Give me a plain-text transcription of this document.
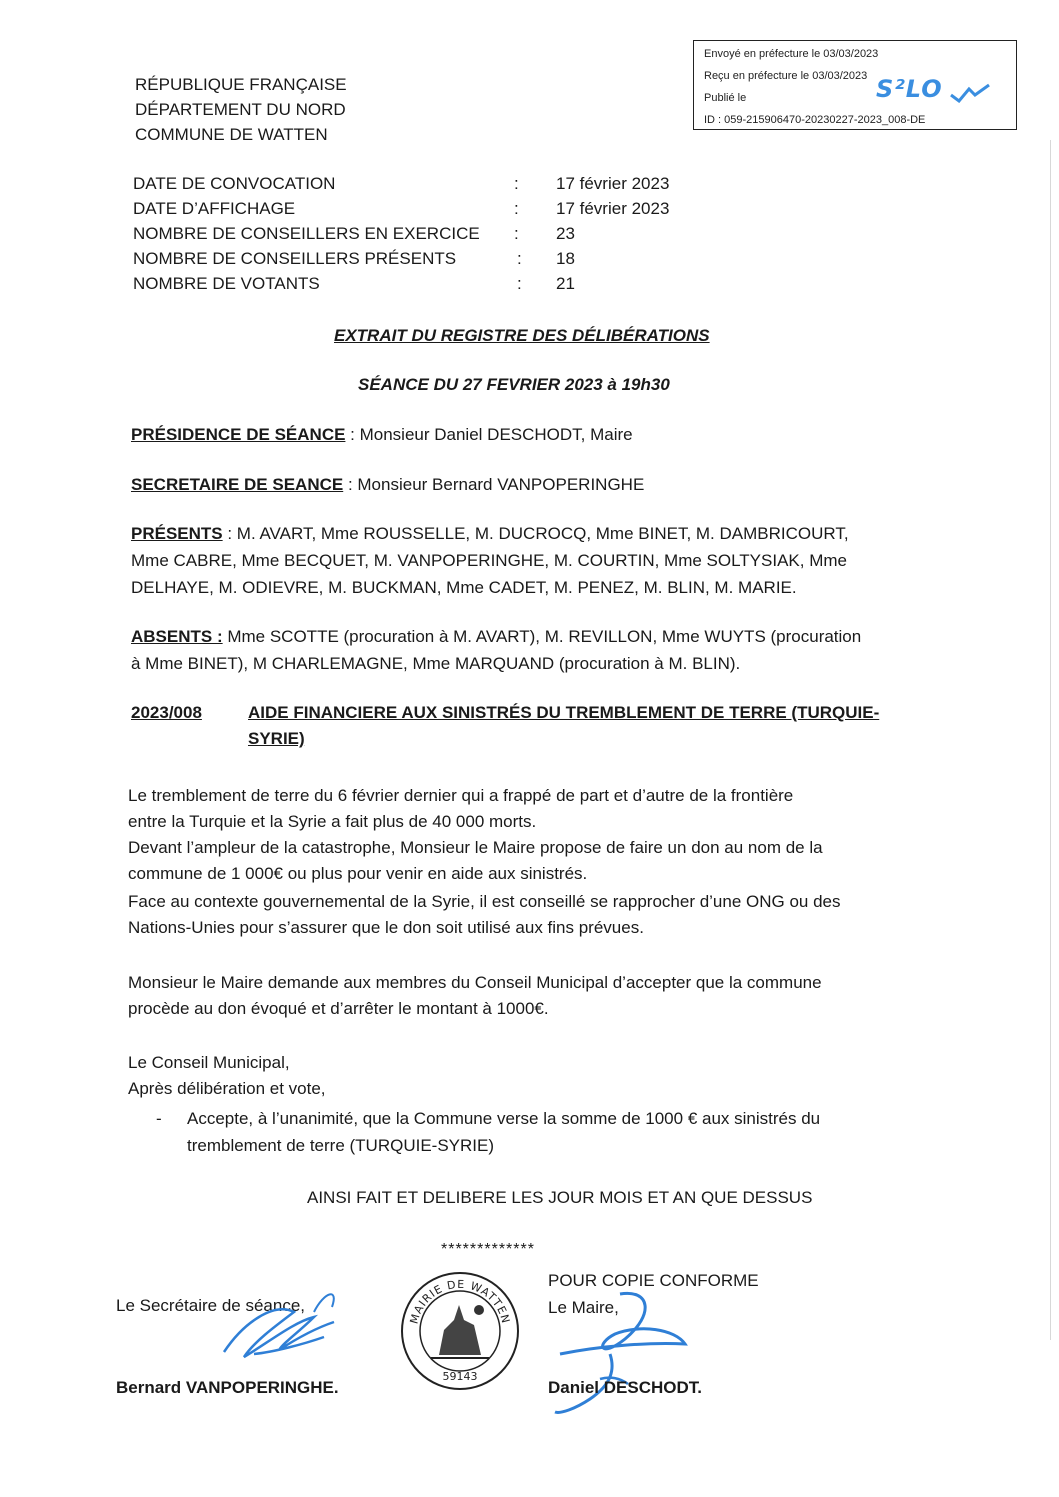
Envoyé en préfecture le 03/03/2023
Reçu en préfecture le 03/03/2023
Publié le
ID : 059-215906470-20230227-2023_008-DE
S²LO
RÉPUBLIQUE FRANÇAISE
DÉPARTEMENT DU NORD
COMMUNE DE WATTEN
DATE DE CONVOCATION	: 17 février 2023
DATE D’AFFICHAGE	: 17 février 2023
NOMBRE DE CONSEILLERS EN EXERCICE : 23
NOMBRE DE CONSEILLERS PRÉSENTS	: 18
NOMBRE DE VOTANTS	: 21
EXTRAIT DU REGISTRE DES DÉLIBÉRATIONS
SÉANCE DU 27 FEVRIER 2023 à 19h30
PRÉSIDENCE DE SÉANCE : Monsieur Daniel DESCHODT, Maire
SECRETAIRE DE SEANCE : Monsieur Bernard VANPOPERINGHE
PRÉSENTS : M. AVART, Mme ROUSSELLE, M. DUCROCQ, Mme BINET, M. DAMBRICOURT,
Mme CABRE, Mme BECQUET, M. VANPOPERINGHE, M. COURTIN, Mme SOLTYSIAK, Mme
DELHAYE, M. ODIEVRE, M. BUCKMAN, Mme CADET, M. PENEZ, M. BLIN, M. MARIE.
ABSENTS : Mme SCOTTE (procuration à M. AVART), M. REVILLON, Mme WUYTS (procuration
à Mme BINET), M CHARLEMAGNE, Mme MARQUAND (procuration à M. BLIN).
2023/008	AIDE FINANCIERE AUX SINISTRÉS DU TREMBLEMENT DE TERRE (TURQUIE-
SYRIE)
Le tremblement de terre du 6 février dernier qui a frappé de part et d’autre de la frontière
entre la Turquie et la Syrie a fait plus de 40 000 morts.
Devant l’ampleur de la catastrophe, Monsieur le Maire propose de faire un don au nom de la
commune de 1 000€ ou plus pour venir en aide aux sinistrés.
Face au contexte gouvernemental de la Syrie, il est conseillé se rapprocher d’une ONG ou des
Nations-Unies pour s’assurer que le don soit utilisé aux fins prévues.
Monsieur le Maire demande aux membres du Conseil Municipal d’accepter que la commune
procède au don évoqué et d’arrêter le montant à 1000€.
Le Conseil Municipal,
Après délibération et vote,
- Accepte, à l’unanimité, que la Commune verse la somme de 1000 € aux sinistrés du
tremblement de terre (TURQUIE-SYRIE)
AINSI FAIT ET DELIBERE LES JOUR MOIS ET AN QUE DESSUS
*************
Le Secrétaire de séance,
Bernard VANPOPERINGHE.
MAIRIE DE WATTEN
59143
POUR COPIE CONFORME
Le Maire,
Daniel DESCHODT.
